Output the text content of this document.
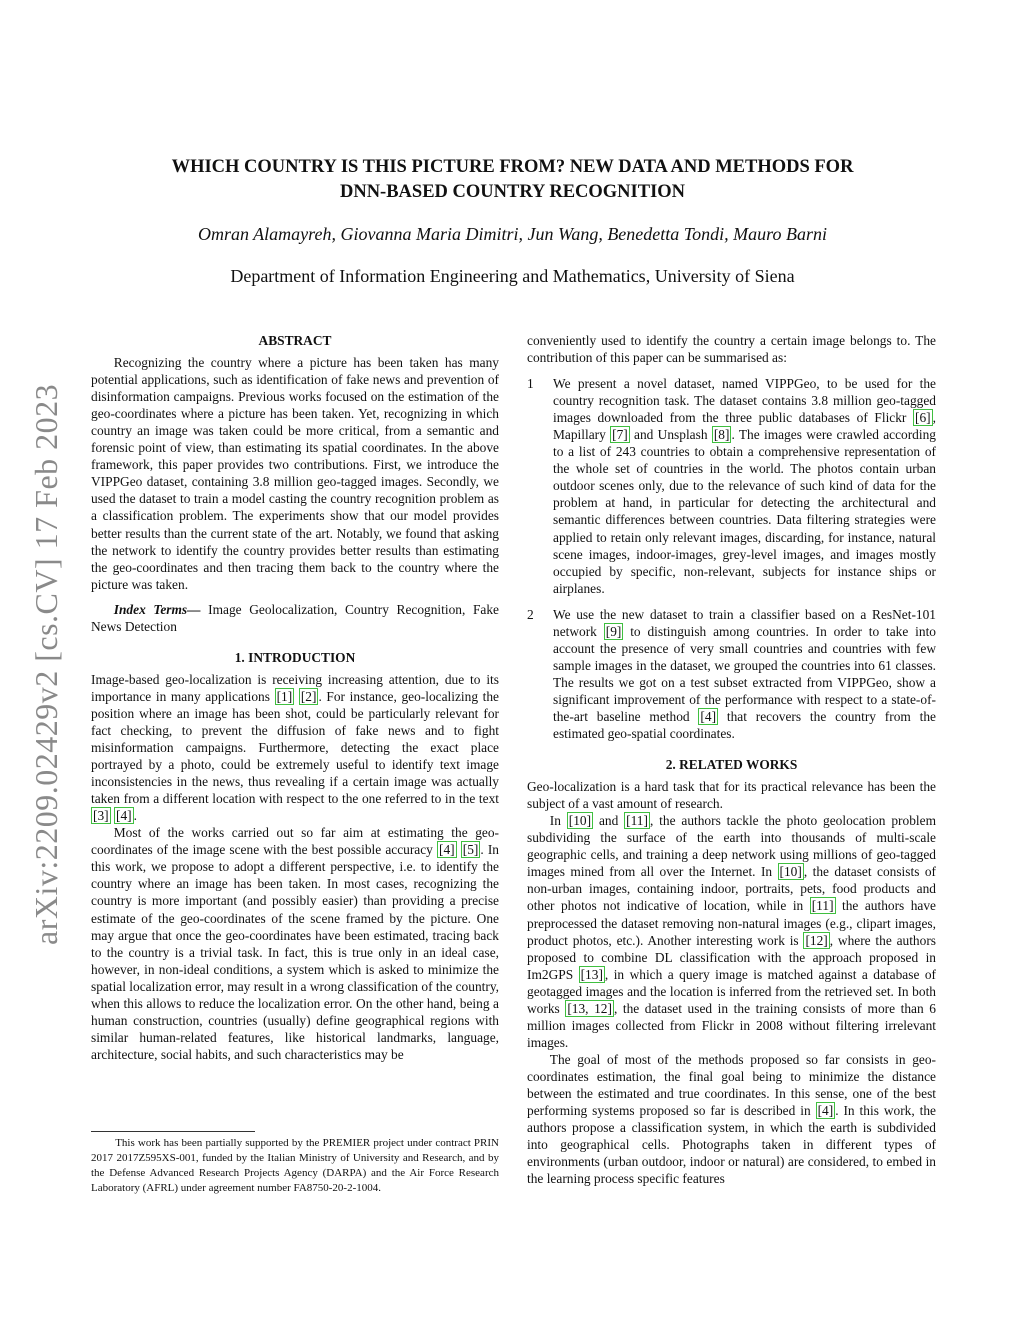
arXiv:2209.02429v2 [cs.CV] 17 Feb 2023
WHICH COUNTRY IS THIS PICTURE FROM? NEW DATA AND METHODS FOR
DNN-BASED COUNTRY RECOGNITION
Omran Alamayreh, Giovanna Maria Dimitri, Jun Wang, Benedetta Tondi, Mauro Barni
Department of Information Engineering and Mathematics, University of Siena
ABSTRACT

Recognizing the country where a picture has been taken has many potential applications, such as identification of fake news and prevention of disinformation campaigns. Previous works focused on the estimation of the geo-coordinates where a picture has been taken. Yet, recognizing in which country an image was taken could be more critical, from a semantic and forensic point of view, than estimating its spatial coordinates. In the above framework, this paper provides two contributions. First, we introduce the VIPPGeo dataset, containing 3.8 million geo-tagged images. Secondly, we used the dataset to train a model casting the country recognition problem as a classification problem. The experiments show that our model provides better results than the current state of the art. Notably, we found that asking the network to identify the country provides better results than estimating the geo-coordinates and then tracing them back to the country where the picture was taken.

Index Terms— Image Geolocalization, Country Recognition, Fake News Detection

1. INTRODUCTION

Image-based geo-localization is receiving increasing attention, due to its importance in many applications [1] [2] . For instance, geo-localizing the position where an image has been shot, could be particularly relevant for fact checking, to prevent the diffusion of fake news and to fight misinformation campaigns. Furthermore, detecting the exact place portrayed by a photo, could be extremely useful to identify text image inconsistencies in the news, thus revealing if a certain image was actually taken from a different location with respect to the one referred to in the text [3] [4] .

Most of the works carried out so far aim at estimating the geo-coordinates of the image scene with the best possible accuracy [4] [5] . In this work, we propose to adopt a different perspective, i.e. to identify the country where an image has been taken. In most cases, recognizing the country is more important (and possibly easier) than providing a precise estimate of the geo-coordinates of the scene framed by the picture. One may argue that once the geo-coordinates have been estimated, tracing back to the country is a trivial task. In fact, this is true only in an ideal case, however, in non-ideal conditions, a system which is asked to minimize the spatial localization error, may result in a wrong classification of the country, when this allows to reduce the localization error. On the other hand, being a human construction, countries (usually) define geographical regions with similar human-related features, like historical landmarks, language, architecture, social habits, and such characteristics may be

This work has been partially supported by the PREMIER project under contract PRIN 2017 2017Z595XS-001, funded by the Italian Ministry of University and Research, and by the Defense Advanced Research Projects Agency (DARPA) and the Air Force Research Laboratory (AFRL) under agreement number FA8750-20-2-1004.

conveniently used to identify the country a certain image belongs to. The contribution of this paper can be summarised as:

1	We present a novel dataset, named VIPPGeo, to be used for the country recognition task. The dataset contains 3.8 million geo-tagged images downloaded from the three public databases of Flickr [6] , Mapillary [7] and Unsplash [8] . The images were crawled according to a list of 243 countries to obtain a comprehensive representation of the whole set of countries in the world. The photos contain urban outdoor scenes only, due to the relevance of such kind of data for the problem at hand, in particular for detecting the architectural and semantic differences between countries. Data filtering strategies were applied to retain only relevant images, discarding, for instance, natural scene images, indoor-images, grey-level images, and images mostly occupied by specific, non-relevant, subjects for instance ships or airplanes.
2	We use the new dataset to train a classifier based on a ResNet-101 network [9] to distinguish among countries. In order to take into account the presence of very small countries and countries with few sample images in the dataset, we grouped the countries into 61 classes. The results we got on a test subset extracted from VIPPGeo, show a significant improvement of the performance with respect to a state-of-the-art baseline method [4] that recovers the country from the estimated geo-spatial coordinates.
2. RELATED WORKS

Geo-localization is a hard task that for its practical relevance has been the subject of a vast amount of research.

In [10] and [11] , the authors tackle the photo geolocation problem subdividing the surface of the earth into thousands of multi-scale geographic cells, and training a deep network using millions of geo-tagged images mined from all over the Internet. In [10] , the dataset consists of non-urban images, containing indoor, portraits, pets, food products and other photos not indicative of location, while in [11] the authors have preprocessed the dataset removing non-natural images (e.g., clipart images, product photos, etc.). Another interesting work is [12] , where the authors proposed to combine DL classification with the approach proposed in Im2GPS [13] , in which a query image is matched against a database of geotagged images and the location is inferred from the retrieved set. In both works [13, 12] , the dataset used in the training consists of more than 6 million images collected from Flickr in 2008 without filtering irrelevant images.

The goal of most of the methods proposed so far consists in geo-coordinates estimation, the final goal being to minimize the distance between the estimated and true coordinates. In this sense, one of the best performing systems proposed so far is described in [4] . In this work, the authors propose a classification system, in which the earth is subdivided into geographical cells. Photographs taken in different types of environments (urban outdoor, indoor or natural) are considered, to embed in the learning process specific features
